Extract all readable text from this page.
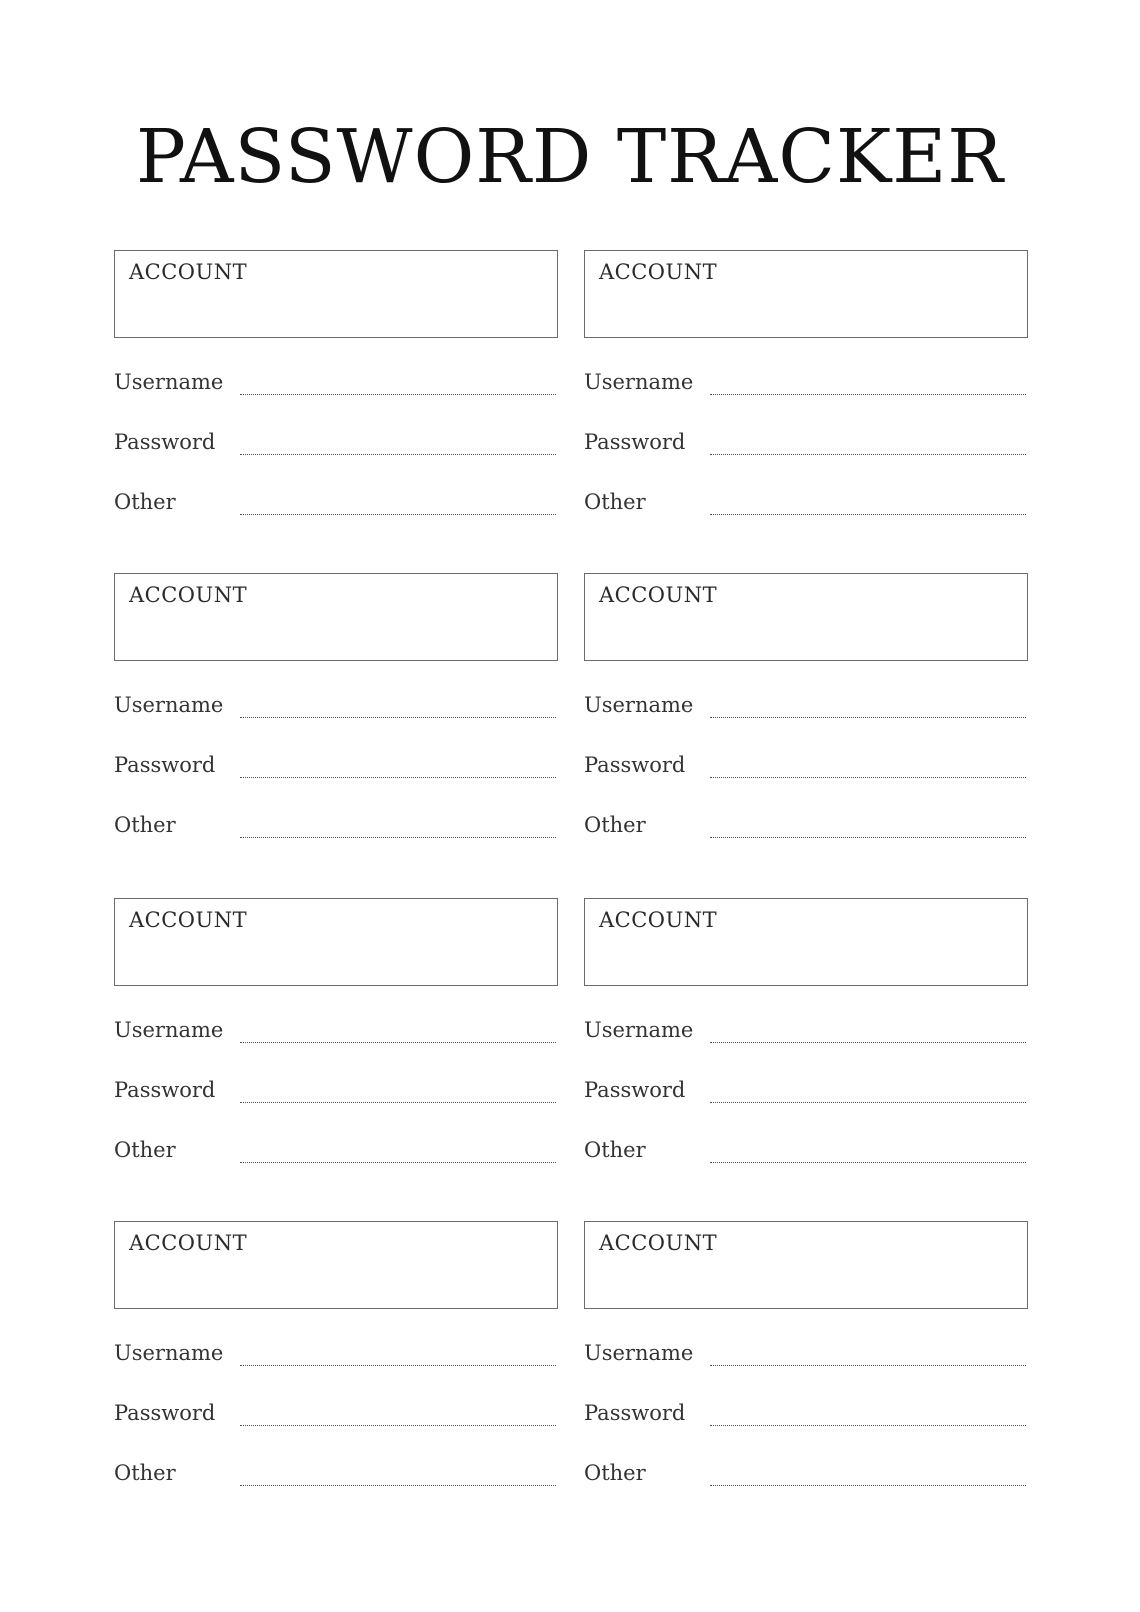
PASSWORD TRACKER
ACCOUNT
Username
Password
Other
ACCOUNT
Username
Password
Other
ACCOUNT
Username
Password
Other
ACCOUNT
Username
Password
Other
ACCOUNT
Username
Password
Other
ACCOUNT
Username
Password
Other
ACCOUNT
Username
Password
Other
ACCOUNT
Username
Password
Other
